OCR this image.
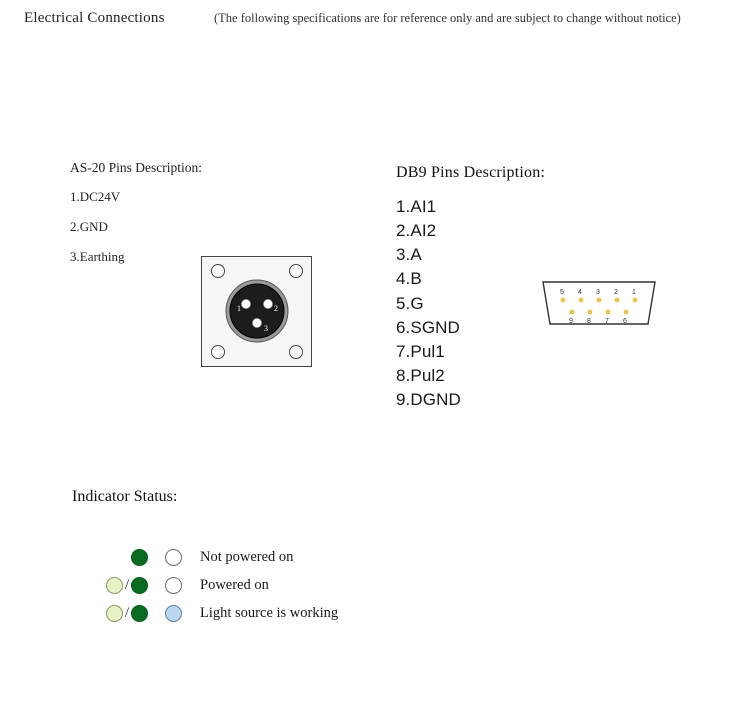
Electrical Connections	(The following specifications are for reference only and are subject to change without notice)
AS-20 Pins Description:
1.DC24V
2.GND
3.Earthing
1	2
3
DB9 Pins Description:
1.AI1
2.AI2
3.A
4.B
5.G
6.SGND
7.Pul1
8.Pul2
9.DGND
5 4 3 2 1
9 8 7 6
Indicator Status:
Not powered on
/	Powered on
/	Light source is working
